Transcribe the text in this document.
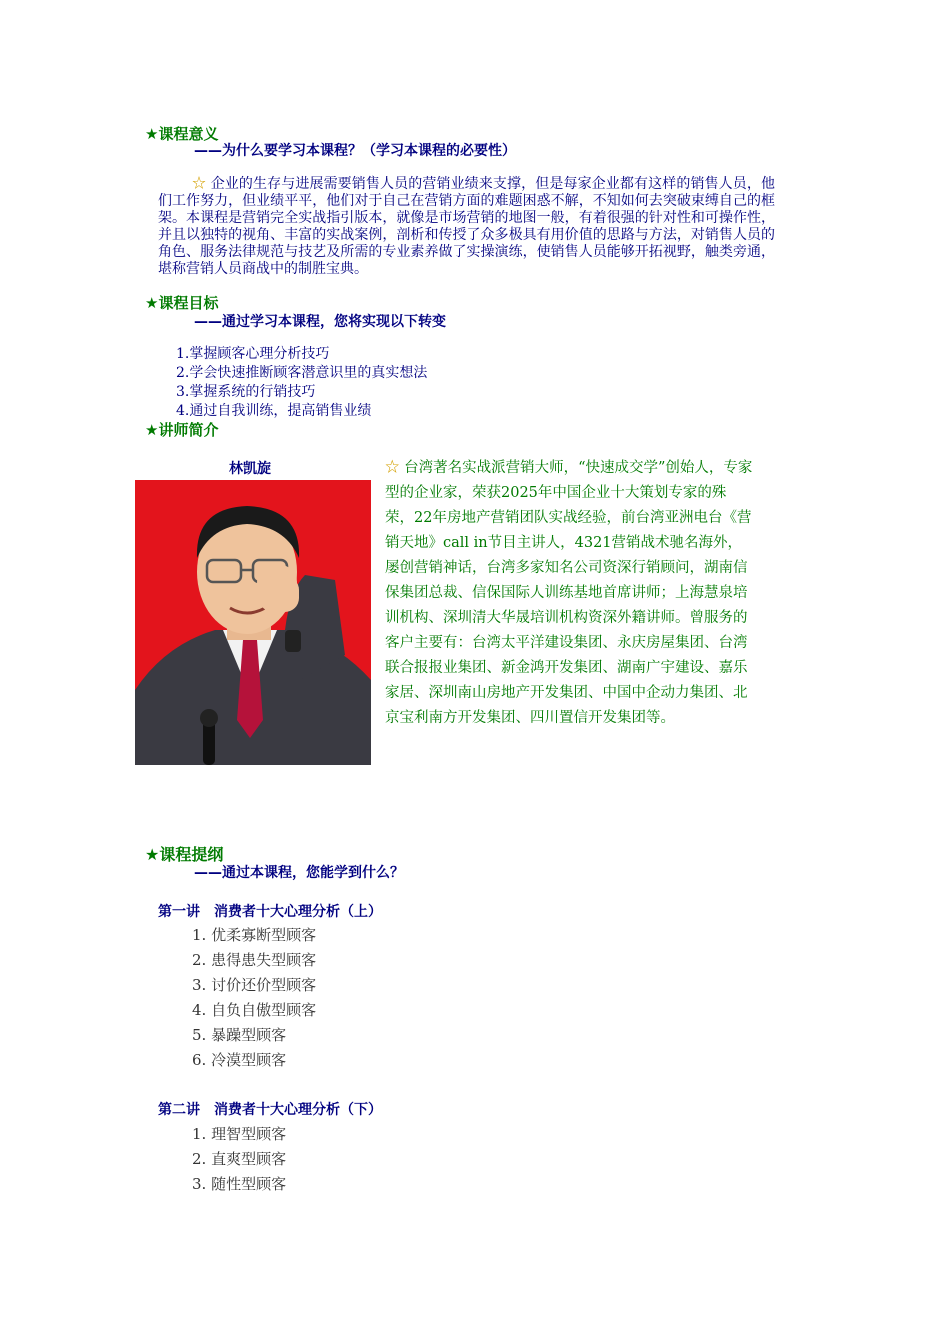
★课程意义
——为什么要学习本课程？（学习本课程的必要性）
☆ 企业的生存与进展需要销售人员的营销业绩来支撑，但是每家企业都有这样的销售人员，他们工作努力，但业绩平平，他们对于自己在营销方面的难题困惑不解，不知如何去突破束缚自己的框架。本课程是营销完全实战指引版本，就像是市场营销的地图一般，有着很强的针对性和可操作性，并且以独特的视角、丰富的实战案例，剖析和传授了众多极具有用价值的思路与方法，对销售人员的角色、服务法律规范与技艺及所需的专业素养做了实操演练，使销售人员能够开拓视野，触类旁通，堪称营销人员商战中的制胜宝典。
★课程目标
——通过学习本课程，您将实现以下转变
1.掌握顾客心理分析技巧
2.学会快速推断顾客潜意识里的真实想法
3.掌握系统的行销技巧
4.通过自我训练，提高销售业绩
★讲师简介
林凯旋	☆ 台湾著名实战派营销大师，“快速成交学”创始人，专家型的企业家，荣获2025年中国企业十大策划专家的殊荣，22年房地产营销团队实战经验，前台湾亚洲电台《营销天地》call in节目主讲人，4321营销战术驰名海外，屡创营销神话，台湾多家知名公司资深行销顾问，湖南信保集团总裁、信保国际人训练基地首席讲师；上海慧泉培训机构、深圳清大华晟培训机构资深外籍讲师。曾服务的客户主要有：台湾太平洋建设集团、永庆房屋集团、台湾联合报报业集团、新金鸿开发集团、湖南广宇建设、嘉乐家居、深圳南山房地产开发集团、中国中企动力集团、北京宝利南方开发集团、四川置信开发集团等。
★课程提纲
——通过本课程，您能学到什么？
第一讲　消费者十大心理分析（上）
1. 优柔寡断型顾客
2. 患得患失型顾客
3. 讨价还价型顾客
4. 自负自傲型顾客
5. 暴躁型顾客
6. 冷漠型顾客
第二讲　消费者十大心理分析（下）
1. 理智型顾客
2. 直爽型顾客
3. 随性型顾客
